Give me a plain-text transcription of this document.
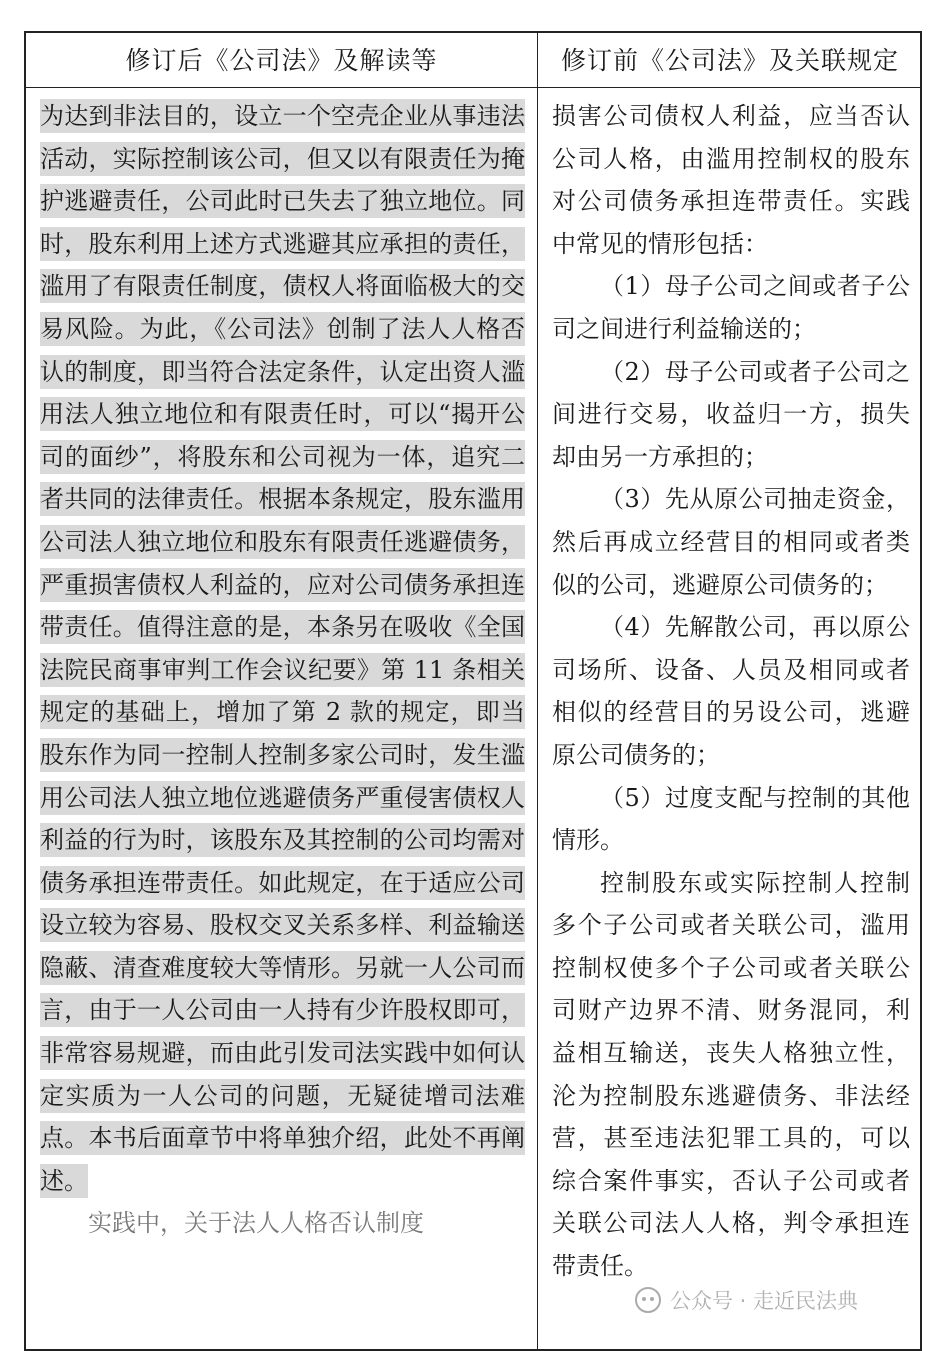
修订后《公司法》及解读等	修订前《公司法》及关联规定

为达到非法目的，设立一个空壳企业从事违法活动，实际控制该公司，但又以有限责任为掩护逃避责任，公司此时已失去了独立地位。同时，股东利用上述方式逃避其应承担的责任，滥用了有限责任制度，债权人将面临极大的交易风险。为此，《公司法》创制了法人人格否认的制度，即当符合法定条件，认定出资人滥用法人独立地位和有限责任时，可以“揭开公司的面纱”，将股东和公司视为一体，追究二者共同的法律责任。根据本条规定，股东滥用公司法人独立地位和股东有限责任逃避债务，严重损害债权人利益的，应对公司债务承担连带责任。值得注意的是，本条另在吸收《全国法院民商事审判工作会议纪要》第 11 条相关规定的基础上，增加了第 2 款的规定，即当股东作为同一控制人控制多家公司时，发生滥用公司法人独立地位逃避债务严重侵害债权人利益的行为时，该股东及其控制的公司均需对债务承担连带责任。如此规定，在于适应公司设立较为容易、股权交叉关系多样、利益输送隐蔽、清查难度较大等情形。另就一人公司而言，由于一人公司由一人持有少许股权即可，非常容易规避，而由此引发司法实践中如何认定实质为一人公司的问题，无疑徒增司法难点。本书后面章节中将单独介绍，此处不再阐述。

实践中，关于法人人格否认制度

损害公司债权人利益，应当否认公司人格，由滥用控制权的股东对公司债务承担连带责任。实践中常见的情形包括：

（1）母子公司之间或者子公司之间进行利益输送的；

（2）母子公司或者子公司之间进行交易，收益归一方，损失却由另一方承担的；

（3）先从原公司抽走资金，然后再成立经营目的相同或者类似的公司，逃避原公司债务的；

（4）先解散公司，再以原公司场所、设备、人员及相同或者相似的经营目的另设公司，逃避原公司债务的；

（5）过度支配与控制的其他情形。

控制股东或实际控制人控制多个子公司或者关联公司，滥用控制权使多个子公司或者关联公司财产边界不清、财务混同，利益相互输送，丧失人格独立性，沦为控制股东逃避债务、非法经营，甚至违法犯罪工具的，可以综合案件事实，否认子公司或者关联公司法人人格，判令承担连带责任。

公众号 · 走近民法典
